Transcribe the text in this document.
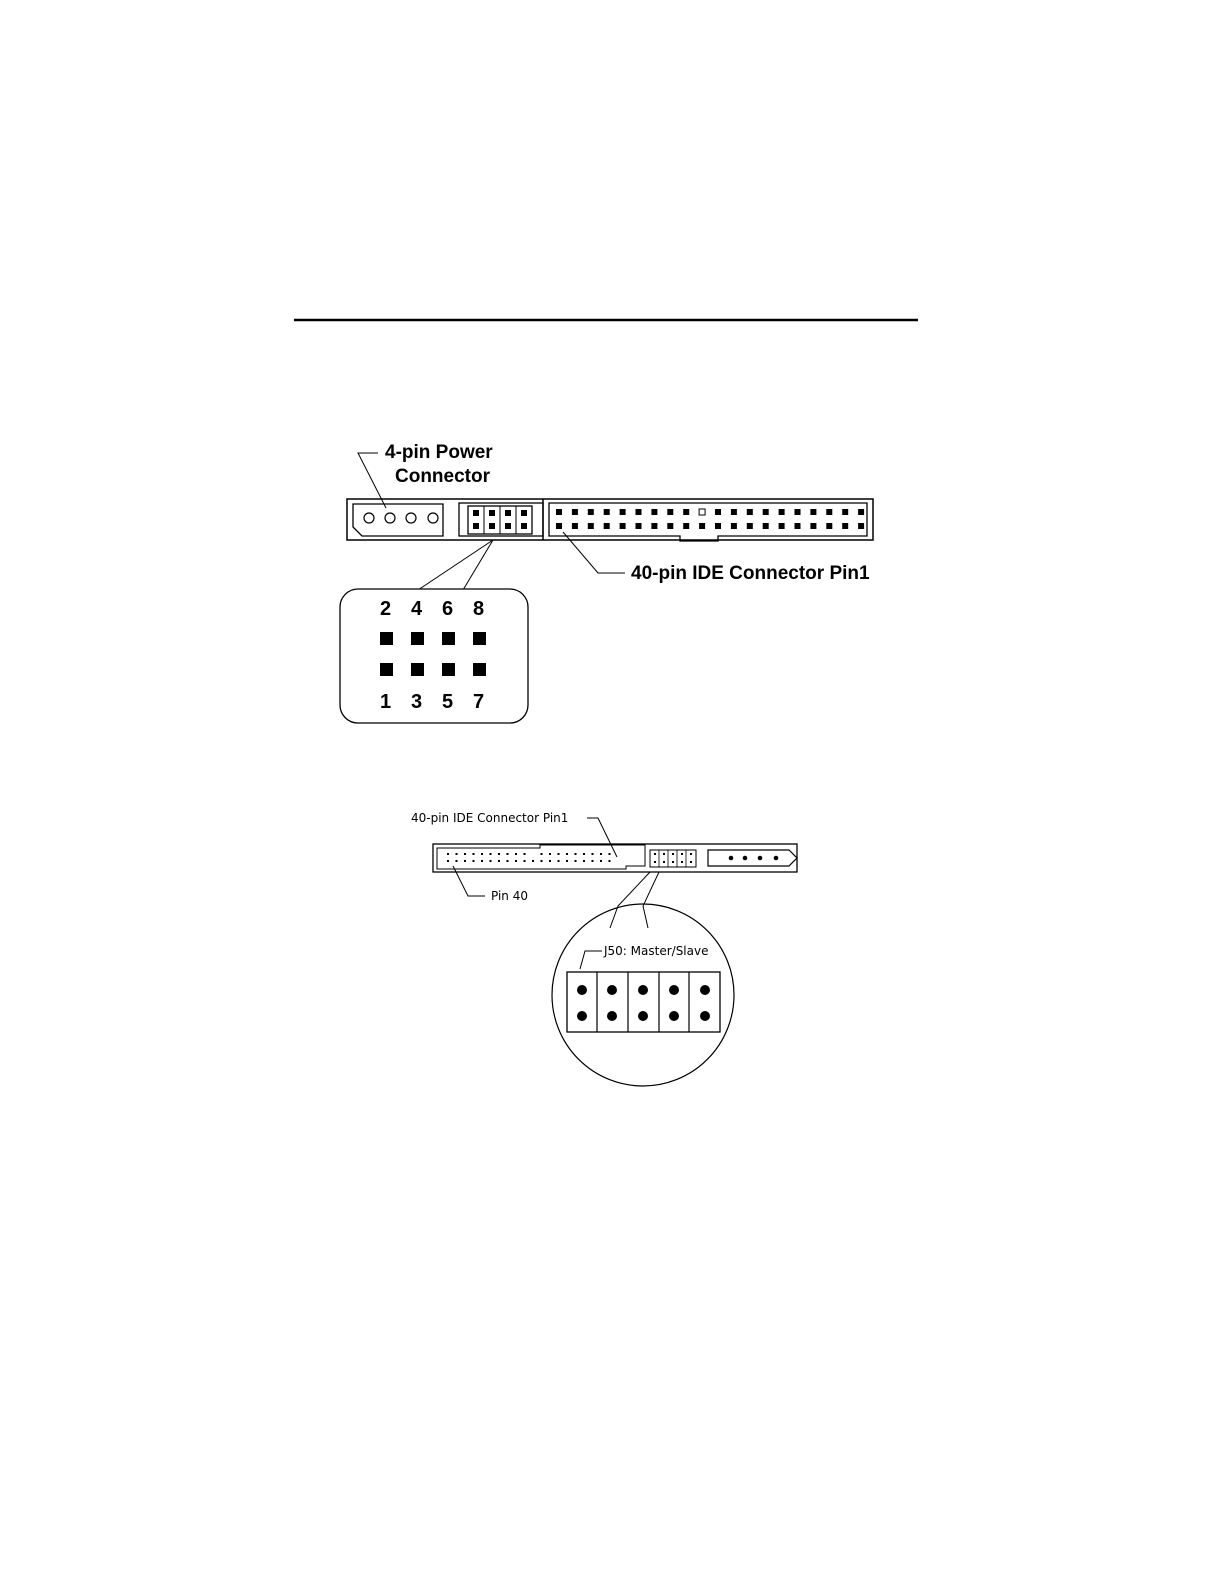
4-pin Power
Connector
40-pin IDE Connector Pin1
2 4 6 8
1 3 5 7
40-pin IDE Connector Pin1
Pin 40
J50: Master/Slave
